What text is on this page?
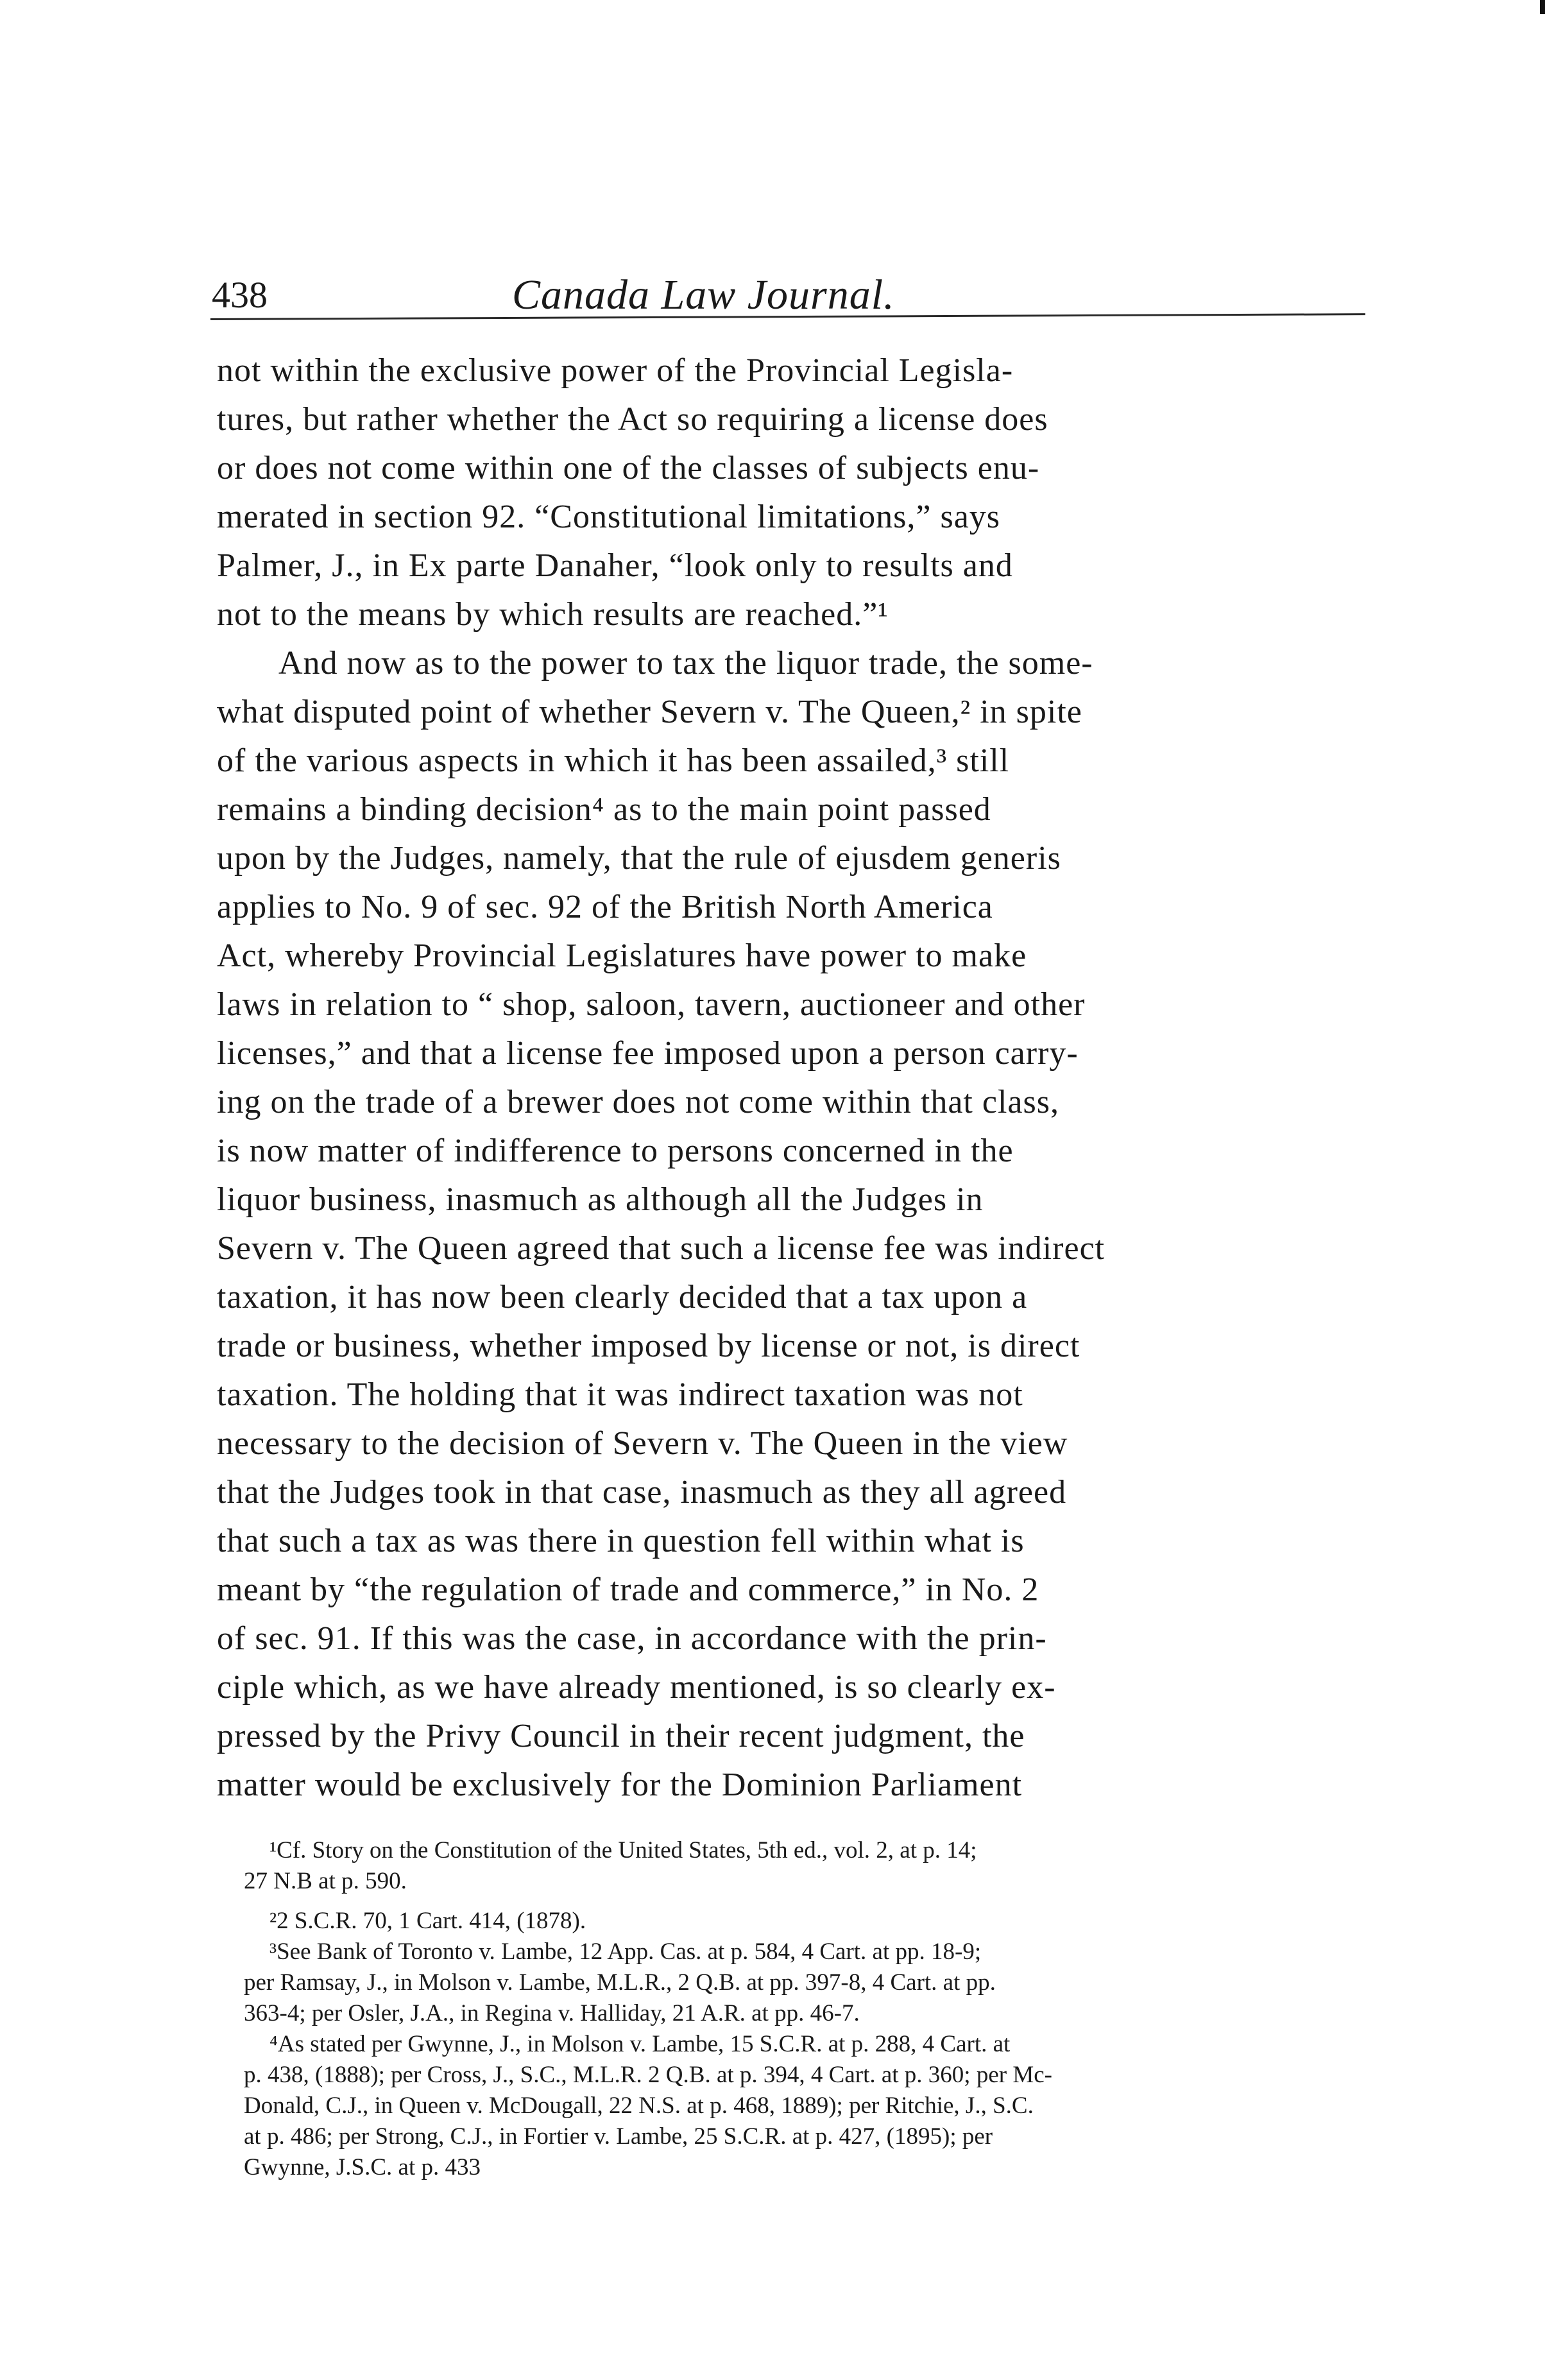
438	Canada Law Journal.
not within the exclusive power of the Provincial Legisla-
tures, but rather whether the Act so requiring a license does
or does not come within one of the classes of subjects enu-
merated in section 92. “Constitutional limitations,” says
Palmer, J., in Ex parte Danaher, “look only to results and
not to the means by which results are reached.”¹
And now as to the power to tax the liquor trade, the some-
what disputed point of whether Severn v. The Queen,² in spite
of the various aspects in which it has been assailed,³ still
remains a binding decision⁴ as to the main point passed
upon by the Judges, namely, that the rule of ejusdem generis
applies to No. 9 of sec. 92 of the British North America
Act, whereby Provincial Legislatures have power to make
laws in relation to “ shop, saloon, tavern, auctioneer and other
licenses,” and that a license fee imposed upon a person carry-
ing on the trade of a brewer does not come within that class,
is now matter of indifference to persons concerned in the
liquor business, inasmuch as although all the Judges in
Severn v. The Queen agreed that such a license fee was indirect
taxation, it has now been clearly decided that a tax upon a
trade or business, whether imposed by license or not, is direct
taxation. The holding that it was indirect taxation was not
necessary to the decision of Severn v. The Queen in the view
that the Judges took in that case, inasmuch as they all agreed
that such a tax as was there in question fell within what is
meant by “the regulation of trade and commerce,” in No. 2
of sec. 91. If this was the case, in accordance with the prin-
ciple which, as we have already mentioned, is so clearly ex-
pressed by the Privy Council in their recent judgment, the
matter would be exclusively for the Dominion Parliament
¹Cf. Story on the Constitution of the United States, 5th ed., vol. 2, at p. 14;
27 N.B at p. 590.
²2 S.C.R. 70, 1 Cart. 414, (1878).
³See Bank of Toronto v. Lambe, 12 App. Cas. at p. 584, 4 Cart. at pp. 18-9;
per Ramsay, J., in Molson v. Lambe, M.L.R., 2 Q.B. at pp. 397-8, 4 Cart. at pp.
363-4; per Osler, J.A., in Regina v. Halliday, 21 A.R. at pp. 46-7.
⁴As stated per Gwynne, J., in Molson v. Lambe, 15 S.C.R. at p. 288, 4 Cart. at
p. 438, (1888); per Cross, J., S.C., M.L.R. 2 Q.B. at p. 394, 4 Cart. at p. 360; per Mc-
Donald, C.J., in Queen v. McDougall, 22 N.S. at p. 468, 1889); per Ritchie, J., S.C.
at p. 486; per Strong, C.J., in Fortier v. Lambe, 25 S.C.R. at p. 427, (1895); per
Gwynne, J.S.C. at p. 433
